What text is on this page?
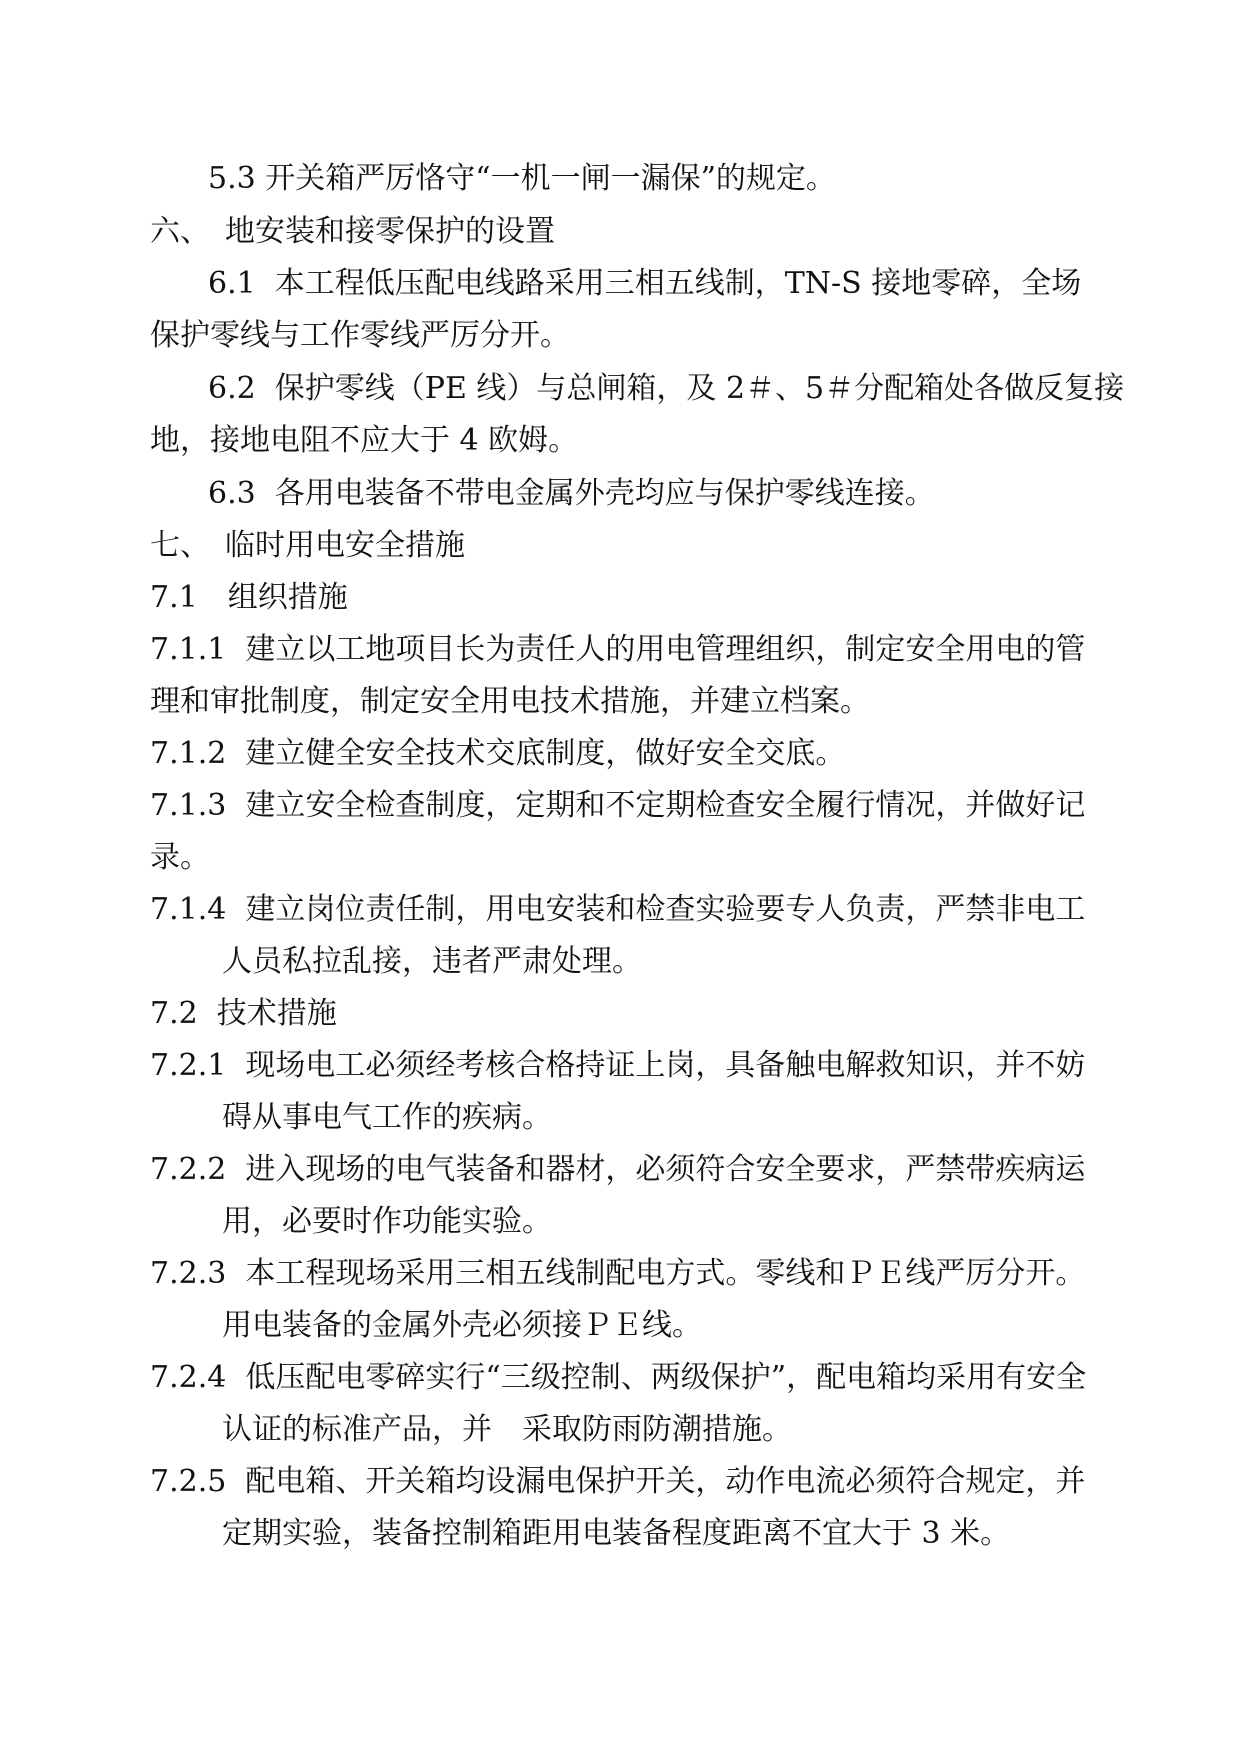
5.3 开关箱严厉恪守“一机一闸一漏保”的规定。
六、　地安装和接零保护的设置
6.1  本工程低压配电线路采用三相五线制，TN-S 接地零碎，全场
保护零线与工作零线严厉分开。
6.2  保护零线（PE 线）与总闸箱，及 2＃、5＃分配箱处各做反复接
地，接地电阻不应大于 4 欧姆。
6.3  各用电装备不带电金属外壳均应与保护零线连接。
七、　临时用电安全措施
7.1　组织措施
7.1.1  建立以工地项目长为责任人的用电管理组织，制定安全用电的管
理和审批制度，制定安全用电技术措施，并建立档案。
7.1.2  建立健全安全技术交底制度，做好安全交底。
7.1.3  建立安全检查制度，定期和不定期检查安全履行情况，并做好记
录。
7.1.4  建立岗位责任制，用电安装和检查实验要专人负责，严禁非电工
人员私拉乱接，违者严肃处理。
7.2  技术措施
7.2.1  现场电工必须经考核合格持证上岗，具备触电解救知识，并不妨
碍从事电气工作的疾病。
7.2.2  进入现场的电气装备和器材，必须符合安全要求，严禁带疾病运
用，必要时作功能实验。
7.2.3  本工程现场采用三相五线制配电方式。零线和ＰＥ线严厉分开。
用电装备的金属外壳必须接ＰＥ线。
7.2.4  低压配电零碎实行“三级控制、两级保护”，配电箱均采用有安全
认证的标准产品，并　采取防雨防潮措施。
7.2.5  配电箱、开关箱均设漏电保护开关，动作电流必须符合规定，并
定期实验，装备控制箱距用电装备程度距离不宜大于 3 米。
